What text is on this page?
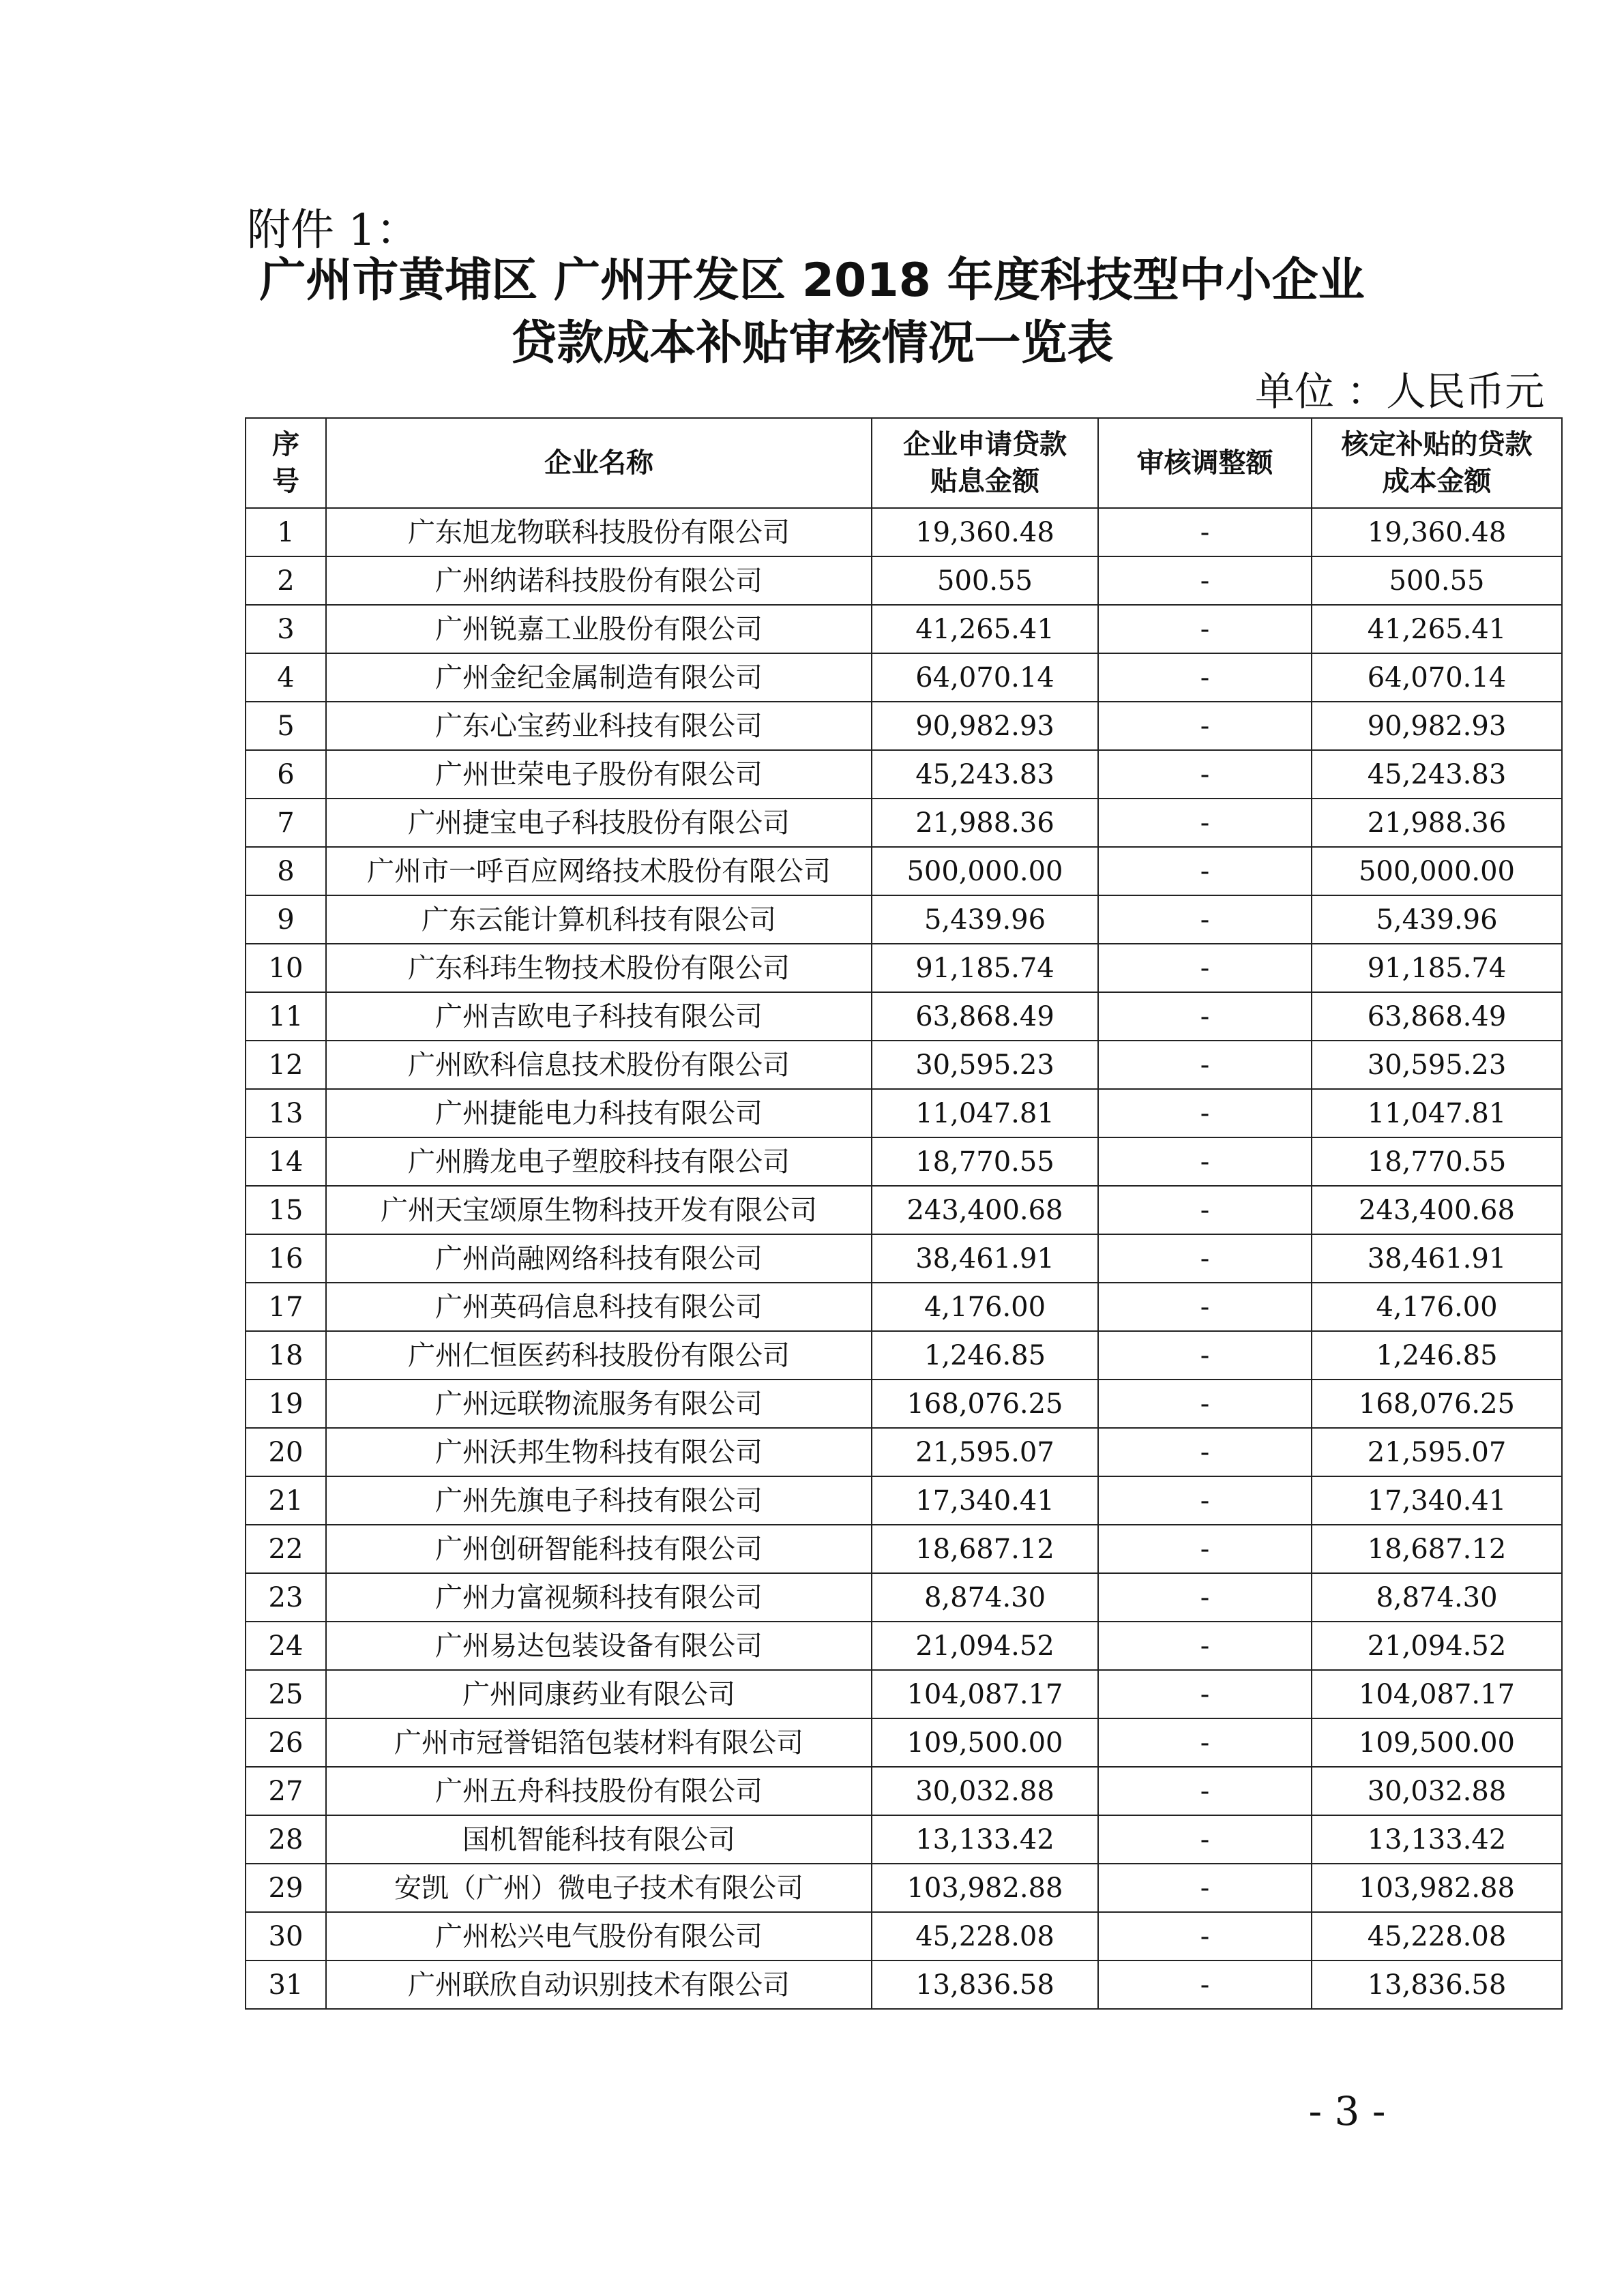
附件 1：
广州市黄埔区 广州开发区 2018 年度科技型中小企业
贷款成本补贴审核情况一览表
单位 ：人民币元
序号	企业名称	企业申请贷款贴息金额	审核调整额	核定补贴的贷款成本金额
1	广东旭龙物联科技股份有限公司	19,360.48	-	19,360.48
2	广州纳诺科技股份有限公司	500.55	-	500.55
3	广州锐嘉工业股份有限公司	41,265.41	-	41,265.41
4	广州金纪金属制造有限公司	64,070.14	-	64,070.14
5	广东心宝药业科技有限公司	90,982.93	-	90,982.93
6	广州世荣电子股份有限公司	45,243.83	-	45,243.83
7	广州捷宝电子科技股份有限公司	21,988.36	-	21,988.36
8	广州市一呼百应网络技术股份有限公司	500,000.00	-	500,000.00
9	广东云能计算机科技有限公司	5,439.96	-	5,439.96
10	广东科玮生物技术股份有限公司	91,185.74	-	91,185.74
11	广州吉欧电子科技有限公司	63,868.49	-	63,868.49
12	广州欧科信息技术股份有限公司	30,595.23	-	30,595.23
13	广州捷能电力科技有限公司	11,047.81	-	11,047.81
14	广州腾龙电子塑胶科技有限公司	18,770.55	-	18,770.55
15	广州天宝颂原生物科技开发有限公司	243,400.68	-	243,400.68
16	广州尚融网络科技有限公司	38,461.91	-	38,461.91
17	广州英码信息科技有限公司	4,176.00	-	4,176.00
18	广州仁恒医药科技股份有限公司	1,246.85	-	1,246.85
19	广州远联物流服务有限公司	168,076.25	-	168,076.25
20	广州沃邦生物科技有限公司	21,595.07	-	21,595.07
21	广州先旗电子科技有限公司	17,340.41	-	17,340.41
22	广州创研智能科技有限公司	18,687.12	-	18,687.12
23	广州力富视频科技有限公司	8,874.30	-	8,874.30
24	广州易达包装设备有限公司	21,094.52	-	21,094.52
25	广州同康药业有限公司	104,087.17	-	104,087.17
26	广州市冠誉铝箔包装材料有限公司	109,500.00	-	109,500.00
27	广州五舟科技股份有限公司	30,032.88	-	30,032.88
28	国机智能科技有限公司	13,133.42	-	13,133.42
29	安凯（广州）微电子技术有限公司	103,982.88	-	103,982.88
30	广州松兴电气股份有限公司	45,228.08	-	45,228.08
31	广州联欣自动识别技术有限公司	13,836.58	-	13,836.58
- 3 -
